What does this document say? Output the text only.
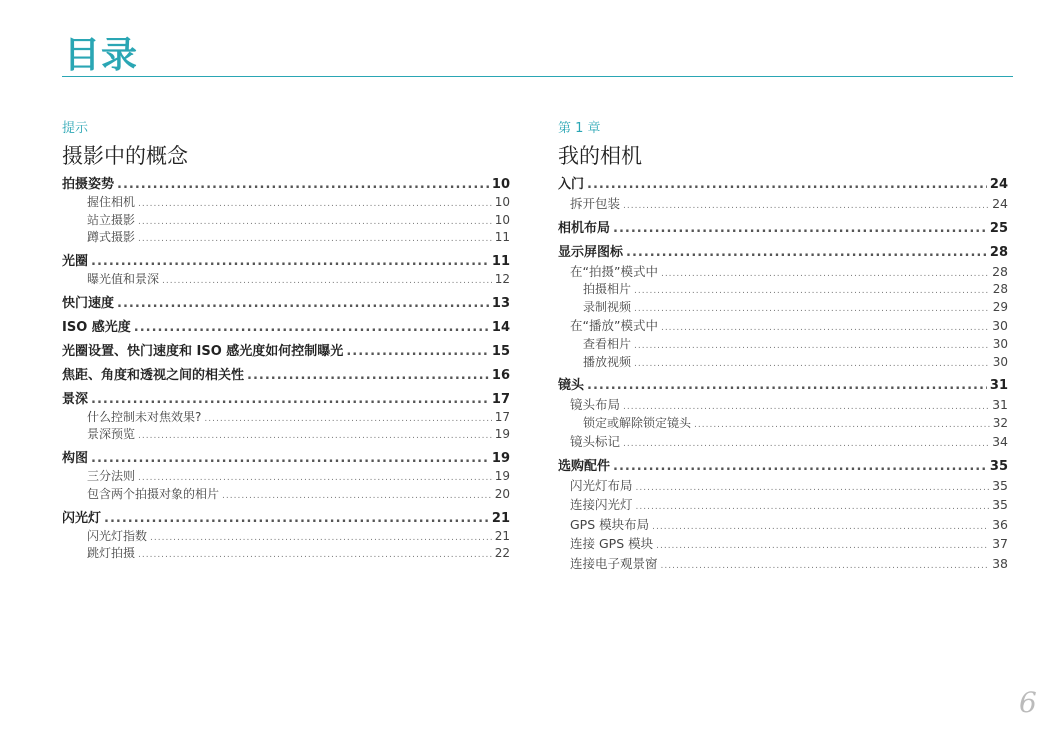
目录
提示
摄影中的概念
拍摄姿势 .....	10
握住相机 .....	10
站立摄影 .....	10
蹲式摄影 .....	11
光圈 .....	11
曝光值和景深 .....	12
快门速度 .....	13
ISO 感光度 .....	14
光圈设置、快门速度和 ISO 感光度如何控制曝光 .....	15
焦距、角度和透视之间的相关性 .....	16
景深 .....	17
什么控制未对焦效果? .....	17
景深预览 .....	19
构图 .....	19
三分法则 .....	19
包含两个拍摄对象的相片 .....	20
闪光灯 .....	21
闪光灯指数 .....	21
跳灯拍摄 .....	22
第 1 章
我的相机
入门 .....	24
拆开包装 .....	24
相机布局 .....	25
显示屏图标 .....	28
在“拍摄”模式中 .....	28
拍摄相片 .....	28
录制视频 .....	29
在“播放”模式中 .....	30
查看相片 .....	30
播放视频 .....	30
镜头 .....	31
镜头布局 .....	31
锁定或解除锁定镜头 .....	32
镜头标记 .....	34
选购配件 .....	35
闪光灯布局 .....	35
连接闪光灯 .....	35
GPS 模块布局 .....	36
连接 GPS 模块 .....	37
连接电子观景窗 .....	38
6
